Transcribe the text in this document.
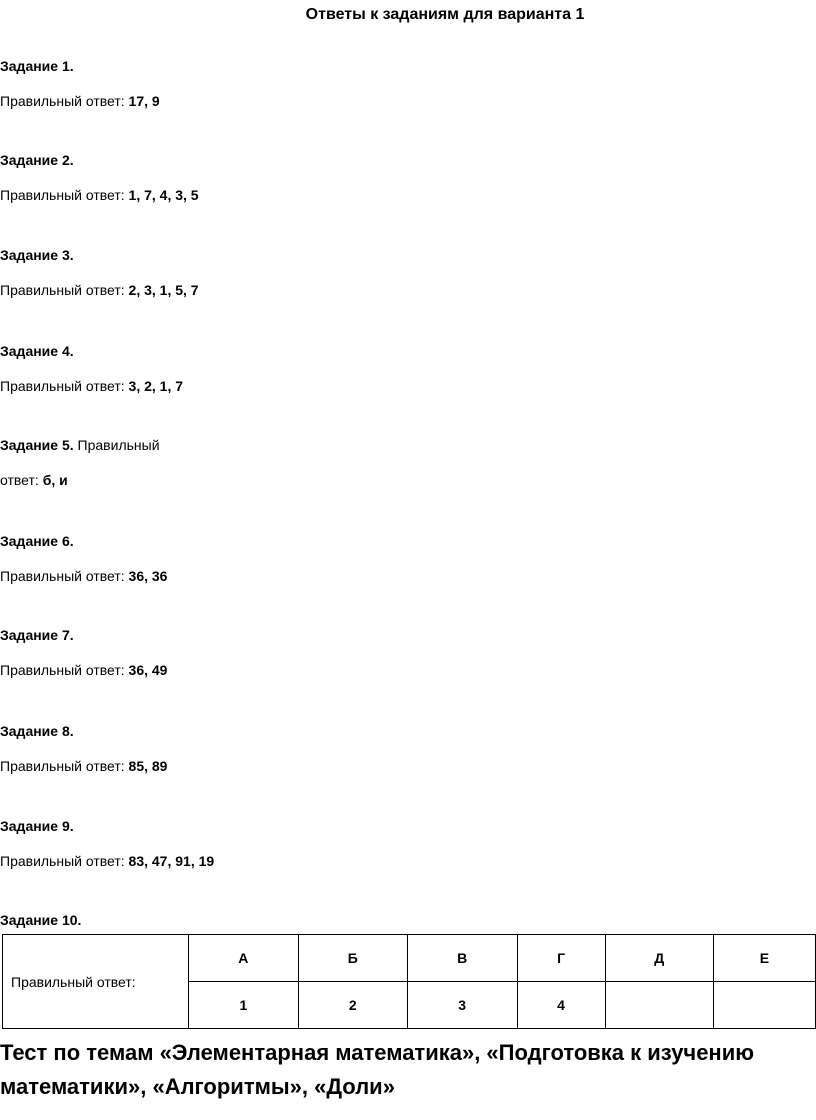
Ответы к заданиям для варианта 1
Задание 1.
Правильный ответ: 17, 9
Задание 2.
Правильный ответ: 1, 7, 4, 3, 5
Задание 3.
Правильный ответ: 2, 3, 1, 5, 7
Задание 4.
Правильный ответ: 3, 2, 1, 7
Задание 5. Правильный
ответ: б, и
Задание 6.
Правильный ответ: 36, 36
Задание 7.
Правильный ответ: 36, 49
Задание 8.
Правильный ответ: 85, 89
Задание 9.
Правильный ответ: 83, 47, 91, 19
Задание 10.
Правильный ответ:	А	Б	В	Г	Д	Е
	1	2	3	4		
Тест по темам «Элементарная математика», «Подготовка к изучению математики», «Алгоритмы», «Доли»
